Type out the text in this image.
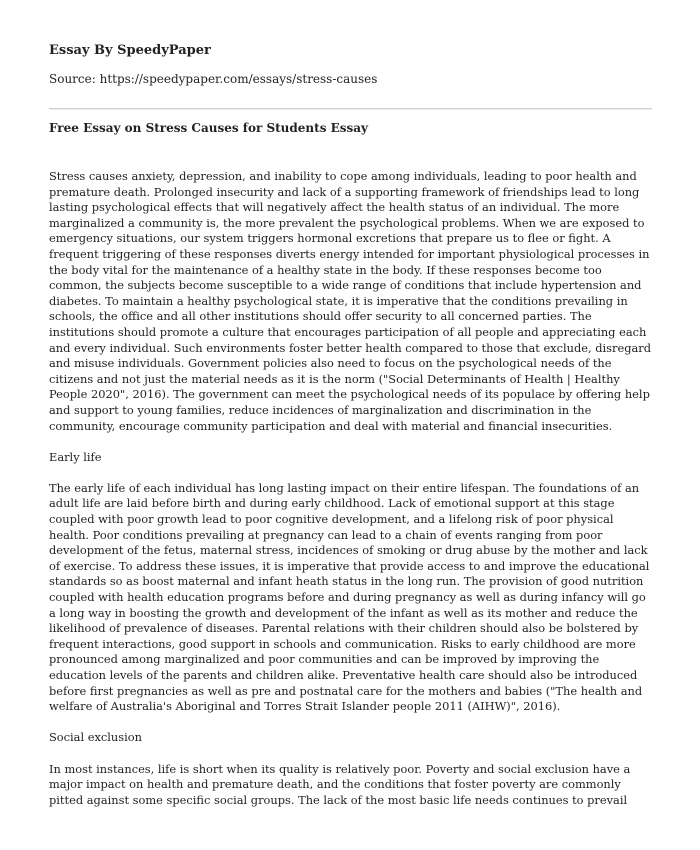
Essay By SpeedyPaper

Source: https://speedypaper.com/essays/stress-causes

Free Essay on Stress Causes for Students Essay

Stress causes anxiety, depression, and inability to cope among individuals, leading to poor health and premature death. Prolonged insecurity and lack of a supporting framework of friendships lead to long lasting psychological effects that will negatively affect the health status of an individual. The more marginalized a community is, the more prevalent the psychological problems. When we are exposed to emergency situations, our system triggers hormonal excretions that prepare us to flee or fight. A frequent triggering of these responses diverts energy intended for important physiological processes in the body vital for the maintenance of a healthy state in the body. If these responses become too common, the subjects become susceptible to a wide range of conditions that include hypertension and diabetes. To maintain a healthy psychological state, it is imperative that the conditions prevailing in schools, the office and all other institutions should offer security to all concerned parties. The institutions should promote a culture that encourages participation of all people and appreciating each and every individual. Such environments foster better health compared to those that exclude, disregard and misuse individuals. Government policies also need to focus on the psychological needs of the citizens and not just the material needs as it is the norm ("Social Determinants of Health | Healthy People 2020", 2016). The government can meet the psychological needs of its populace by offering help and support to young families, reduce incidences of marginalization and discrimination in the community, encourage community participation and deal with material and financial insecurities.

Early life

The early life of each individual has long lasting impact on their entire lifespan. The foundations of an adult life are laid before birth and during early childhood. Lack of emotional support at this stage coupled with poor growth lead to poor cognitive development, and a lifelong risk of poor physical health. Poor conditions prevailing at pregnancy can lead to a chain of events ranging from poor development of the fetus, maternal stress, incidences of smoking or drug abuse by the mother and lack of exercise. To address these issues, it is imperative that provide access to and improve the educational standards so as boost maternal and infant heath status in the long run. The provision of good nutrition coupled with health education programs before and during pregnancy as well as during infancy will go a long way in boosting the growth and development of the infant as well as its mother and reduce the likelihood of prevalence of diseases. Parental relations with their children should also be bolstered by frequent interactions, good support in schools and communication. Risks to early childhood are more pronounced among marginalized and poor communities and can be improved by improving the education levels of the parents and children alike. Preventative health care should also be introduced before first pregnancies as well as pre and postnatal care for the mothers and babies ("The health and welfare of Australia's Aboriginal and Torres Strait Islander people 2011 (AIHW)", 2016).

Social exclusion

In most instances, life is short when its quality is relatively poor. Poverty and social exclusion have a major impact on health and premature death, and the conditions that foster poverty are commonly pitted against some specific social groups. The lack of the most basic life needs continues to prevail
